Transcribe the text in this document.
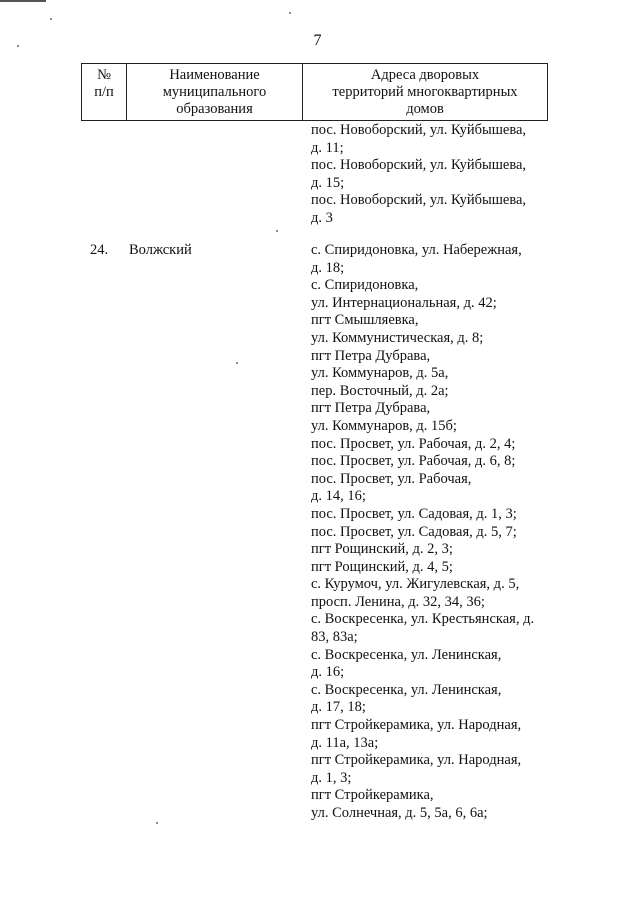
7
№
п/п
Наименование
муниципального
образования
Адреса дворовых
территорий многоквартирных
домов
пос. Новоборский, ул. Куйбышева,
д. 11;
пос. Новоборский, ул. Куйбышева,
д. 15;
пос. Новоборский, ул. Куйбышева,
д. 3
24. Волжский	с. Спиридоновка, ул. Набережная,
д. 18;
с. Спиридоновка,
ул. Интернациональная, д. 42;
пгт Смышляевка,
ул. Коммунистическая, д. 8;
пгт Петра Дубрава,
ул. Коммунаров, д. 5а,
пер. Восточный, д. 2а;
пгт Петра Дубрава,
ул. Коммунаров, д. 15б;
пос. Просвет, ул. Рабочая, д. 2, 4;
пос. Просвет, ул. Рабочая, д. 6, 8;
пос. Просвет, ул. Рабочая,
д. 14, 16;
пос. Просвет, ул. Садовая, д. 1, 3;
пос. Просвет, ул. Садовая, д. 5, 7;
пгт Рощинский, д. 2, 3;
пгт Рощинский, д. 4, 5;
с. Курумоч, ул. Жигулевская, д. 5,
просп. Ленина, д. 32, 34, 36;
с. Воскресенка, ул. Крестьянская, д.
83, 83а;
с. Воскресенка, ул. Ленинская,
д. 16;
с. Воскресенка, ул. Ленинская,
д. 17, 18;
пгт Стройкерамика, ул. Народная,
д. 11а, 13а;
пгт Стройкерамика, ул. Народная,
д. 1, 3;
пгт Стройкерамика,
ул. Солнечная, д. 5, 5а, 6, 6а;
